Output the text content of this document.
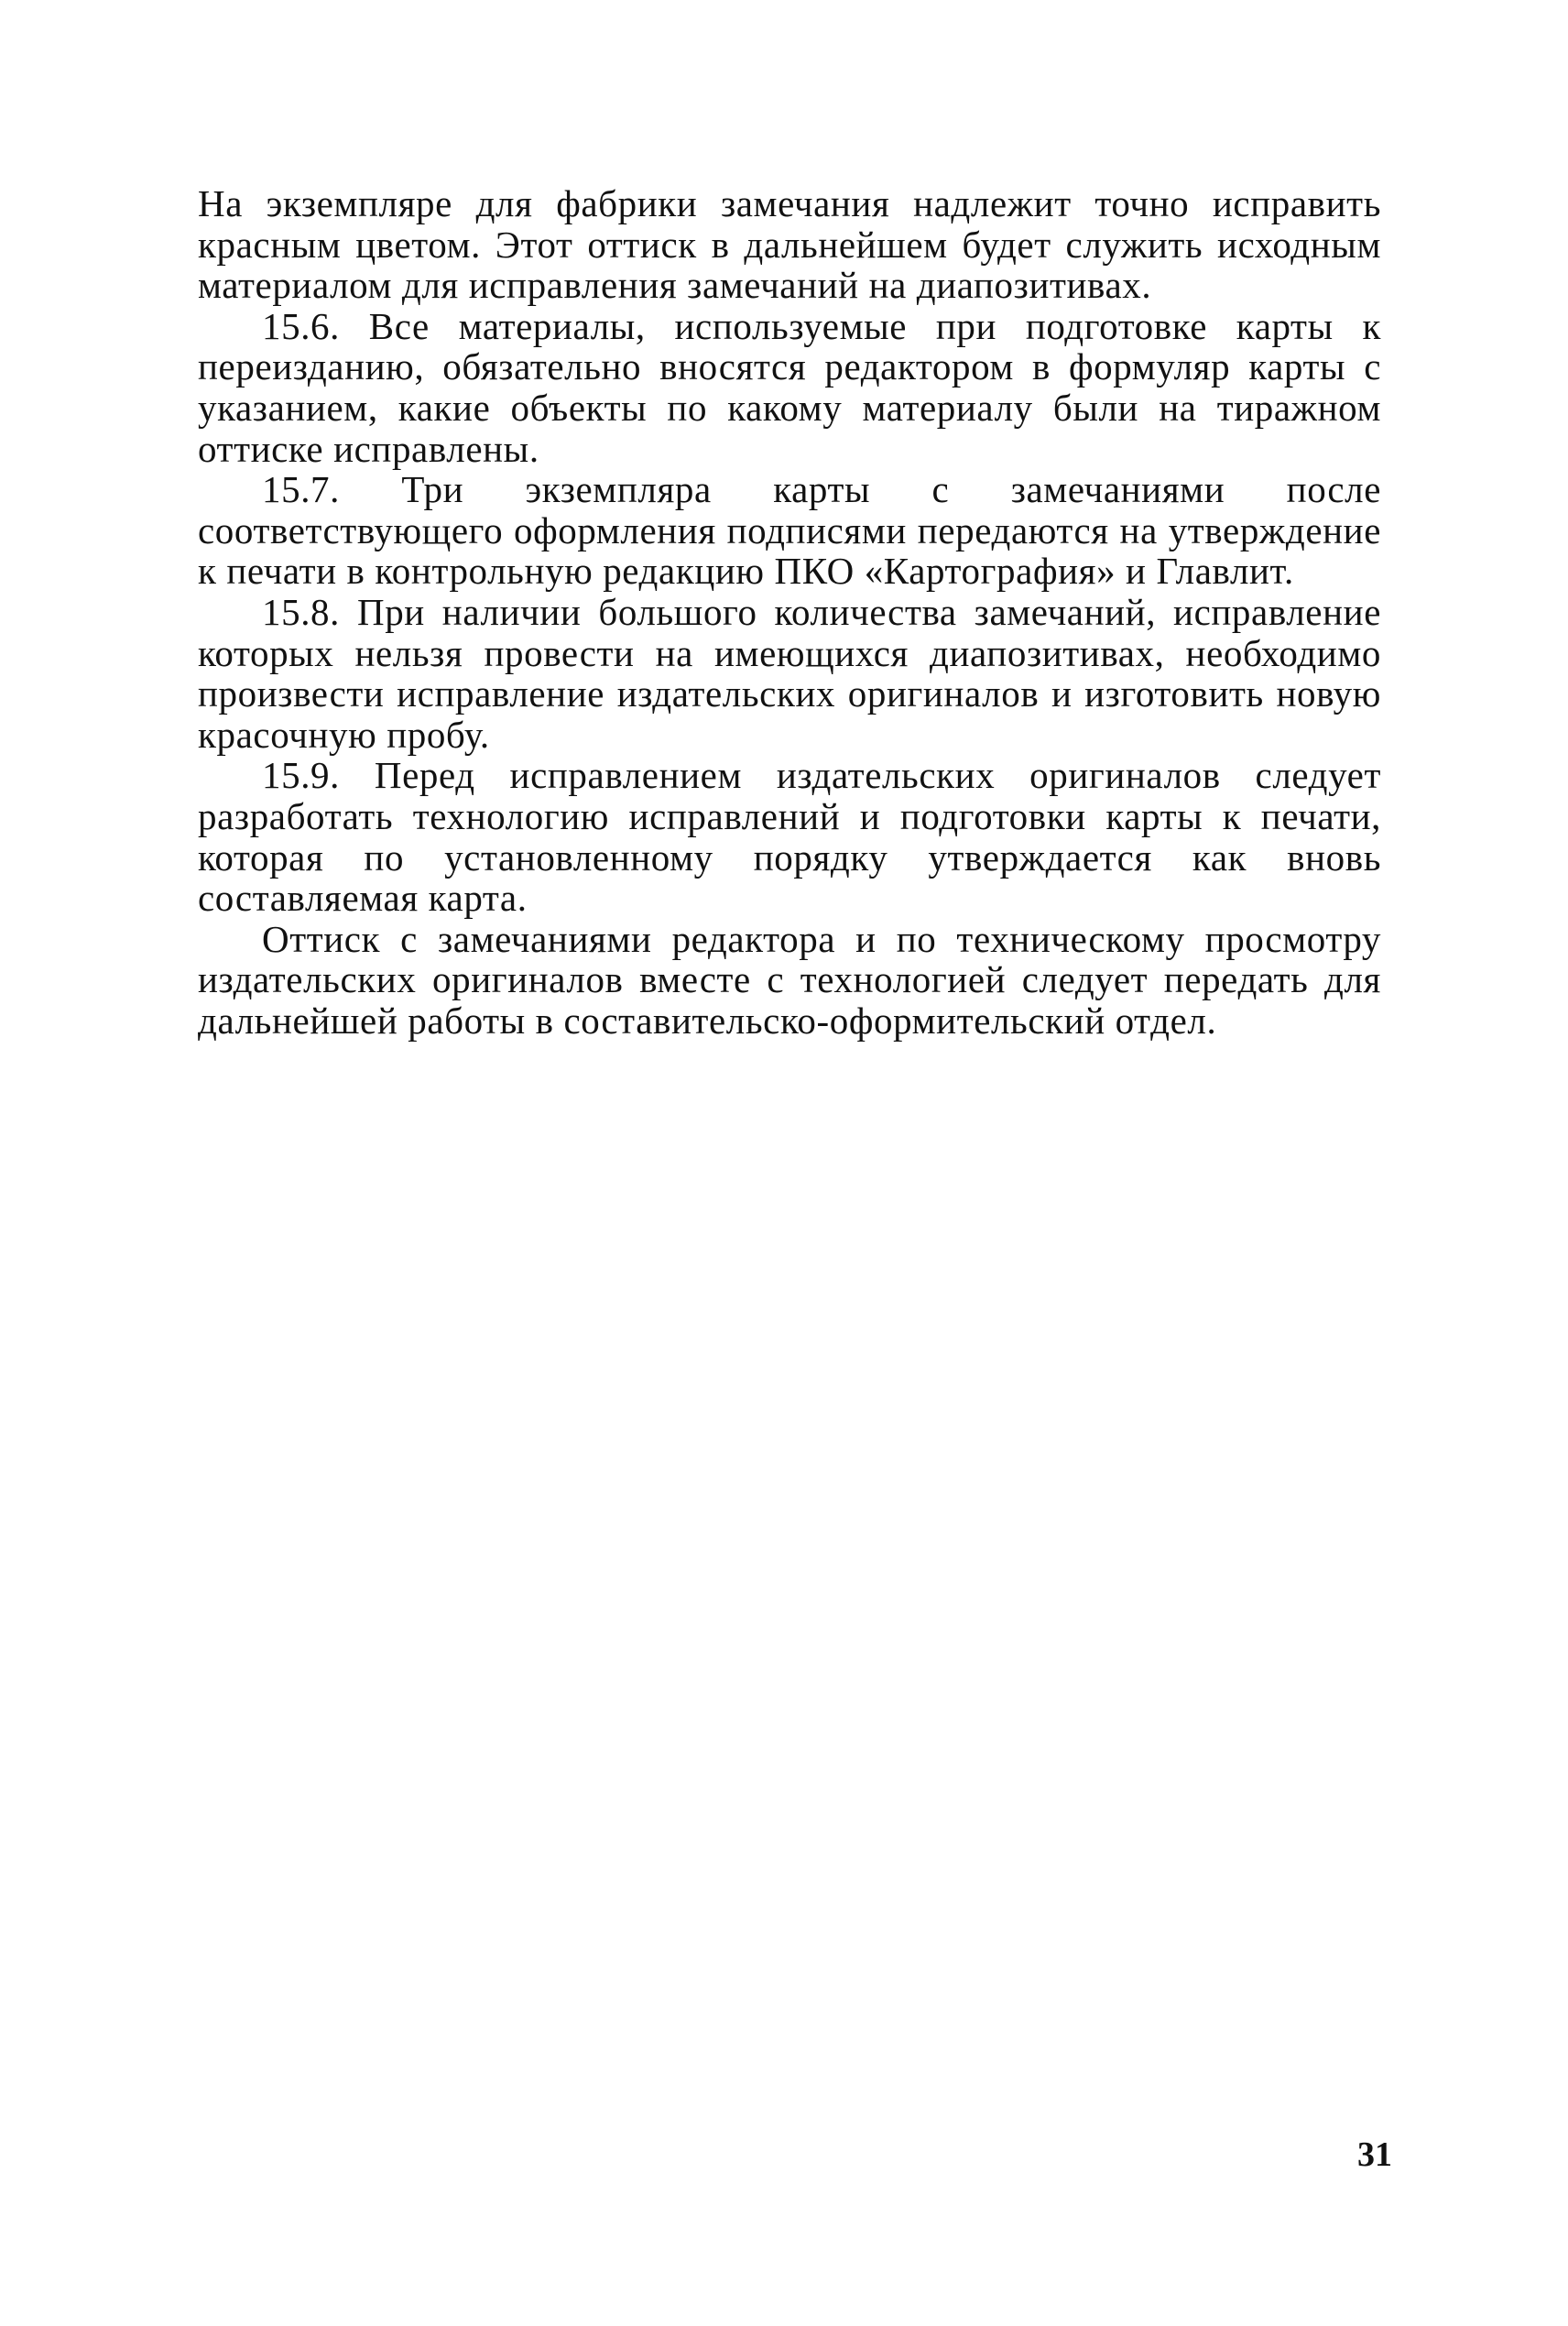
На экземпляре для фабрики замечания надлежит точно исправить красным цветом. Этот оттиск в дальнейшем будет служить исходным материалом для исправления замечаний на диапозитивах.

15.6. Все материалы, используемые при подготовке карты к переизданию, обязательно вносятся редактором в формуляр карты с указанием, какие объекты по какому материалу были на тиражном оттиске исправлены.

15.7. Три экземпляра карты с замечаниями после соответствующего оформления подписями передаются на утверждение к печати в контрольную редакцию ПКО «Картография» и Главлит.

15.8. При наличии большого количества замечаний, исправление которых нельзя провести на имеющихся диапозитивах, необходимо произвести исправление издательских оригиналов и изготовить новую красочную пробу.

15.9. Перед исправлением издательских оригиналов следует разработать технологию исправлений и подготовки карты к печати, которая по установленному порядку утверждается как вновь составляемая карта.

Оттиск с замечаниями редактора и по техническому просмотру издательских оригиналов вместе с технологией следует передать для дальнейшей работы в составительско-оформительский отдел.

31
